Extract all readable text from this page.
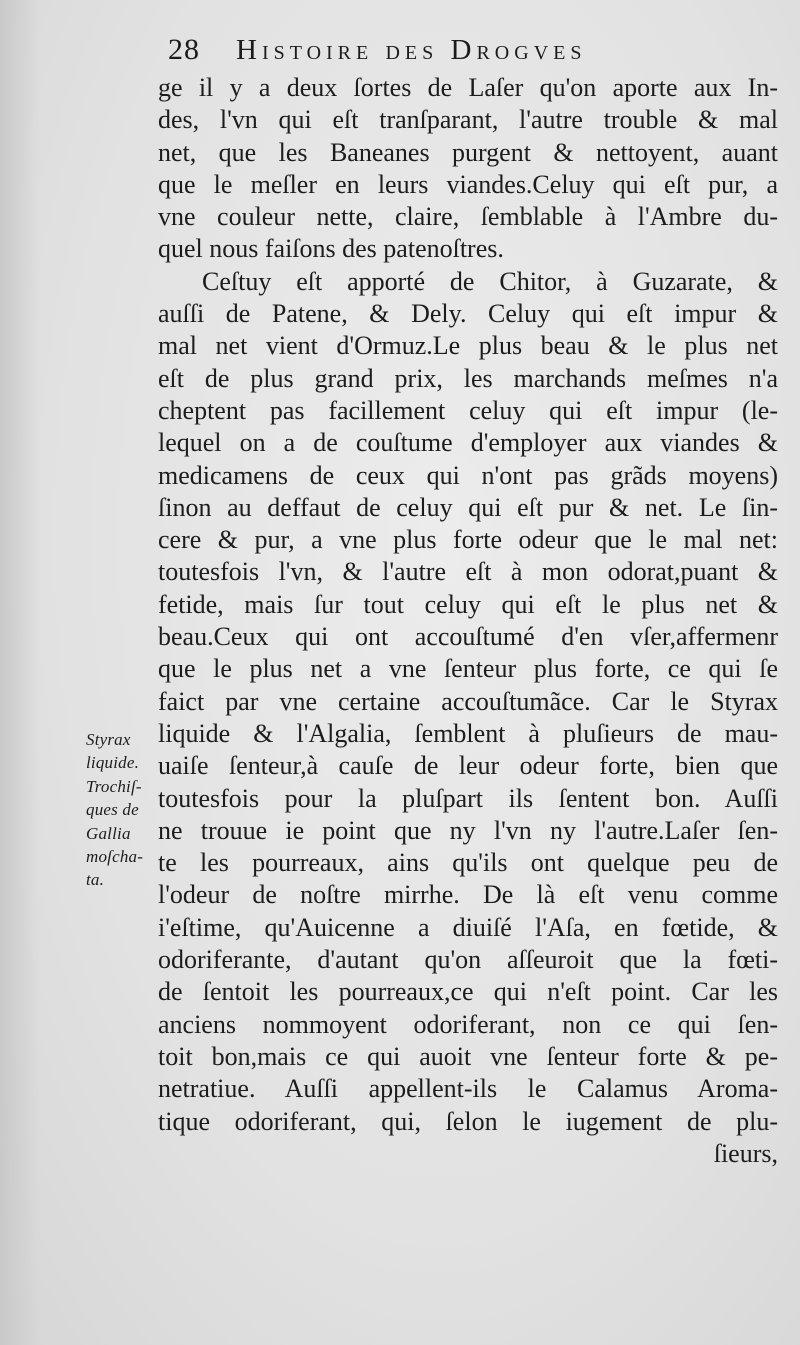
28 Histoire des Drogves
ge il y a deux ſortes de Laſer qu'on aporte aux In-
des, l'vn qui eſt tranſparant, l'autre trouble & mal
net, que les Baneanes purgent & nettoyent, auant
que le meſler en leurs viandes.Celuy qui eſt pur, a
vne couleur nette, claire, ſemblable à l'Ambre du-
quel nous faiſons des patenoſtres.
Ceſtuy eſt apporté de Chitor, à Guzarate, &
auſſi de Patene, & Dely. Celuy qui eſt impur &
mal net vient d'Ormuz.Le plus beau & le plus net
eſt de plus grand prix, les marchands meſmes n'a
cheptent pas facillement celuy qui eſt impur (le-
lequel on a de couſtume d'employer aux viandes &
medicamens de ceux qui n'ont pas grãds moyens)
ſinon au deffaut de celuy qui eſt pur & net. Le ſin-
cere & pur, a vne plus forte odeur que le mal net:
toutesfois l'vn, & l'autre eſt à mon odorat,puant &
fetide, mais ſur tout celuy qui eſt le plus net &
beau.Ceux qui ont accouſtumé d'en vſer,affermenr
que le plus net a vne ſenteur plus forte, ce qui ſe
faict par vne certaine accouſtumãce. Car le Styrax
liquide & l'Algalia, ſemblent à pluſieurs de mau-
uaiſe ſenteur,à cauſe de leur odeur forte, bien que
toutesfois pour la pluſpart ils ſentent bon. Auſſi
ne trouue ie point que ny l'vn ny l'autre.Laſer ſen-
te les pourreaux, ains qu'ils ont quelque peu de
l'odeur de noſtre mirrhe. De là eſt venu comme
i'eſtime, qu'Auicenne a diuiſé l'Aſa, en fœtide, &
odoriferante, d'autant qu'on aſſeuroit que la fœti-
de ſentoit les pourreaux,ce qui n'eſt point. Car les
anciens nommoyent odoriferant, non ce qui ſen-
toit bon,mais ce qui auoit vne ſenteur forte & pe-
netratiue. Auſſi appellent-ils le Calamus Aroma-
tique odoriferant, qui, ſelon le iugement de plu-
ſieurs,
Styrax
liquide.
Trochiſ-
ques de
Gallia
moſcha-
ta.
